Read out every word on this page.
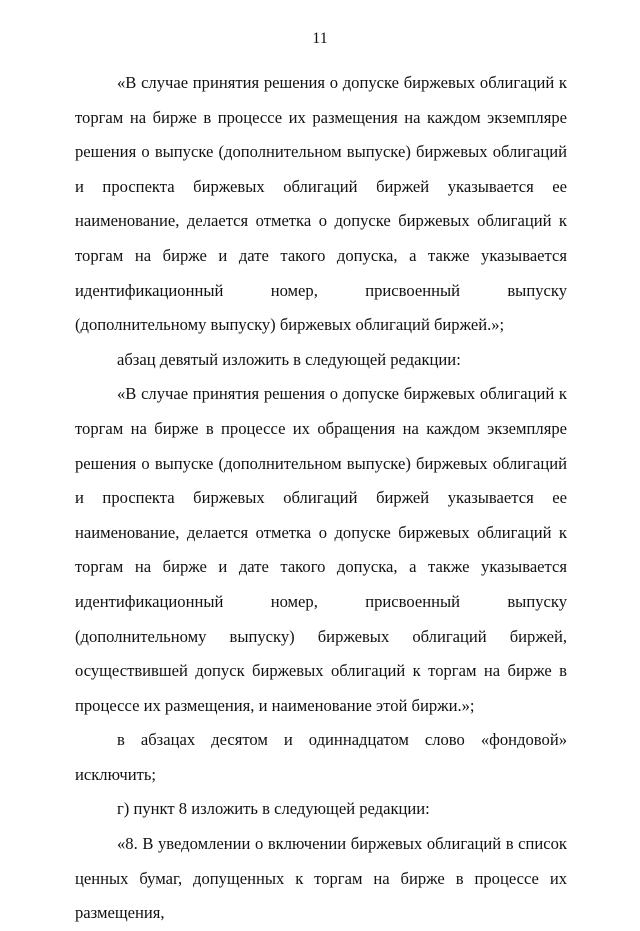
11

«В случае принятия решения о допуске биржевых облигаций к торгам на бирже в процессе их размещения на каждом экземпляре решения о выпуске (дополнительном выпуске) биржевых облигаций и проспекта биржевых облигаций биржей указывается ее наименование, делается отметка о допуске биржевых облигаций к торгам на бирже и дате такого допуска, а также указывается идентификационный номер, присвоенный выпуску (дополнительному выпуску) биржевых облигаций биржей.»;

абзац девятый изложить в следующей редакции:

«В случае принятия решения о допуске биржевых облигаций к торгам на бирже в процессе их обращения на каждом экземпляре решения о выпуске (дополнительном выпуске) биржевых облигаций и проспекта биржевых облигаций биржей указывается ее наименование, делается отметка о допуске биржевых облигаций к торгам на бирже и дате такого допуска, а также указывается идентификационный номер, присвоенный выпуску (дополнительному выпуску) биржевых облигаций биржей, осуществившей допуск биржевых облигаций к торгам на бирже в процессе их размещения, и наименование этой биржи.»;

в абзацах десятом и одиннадцатом слово «фондовой» исключить;

г) пункт 8 изложить в следующей редакции:

«8. В уведомлении о включении биржевых облигаций в список ценных бумаг, допущенных к торгам на бирже в процессе их размещения,
